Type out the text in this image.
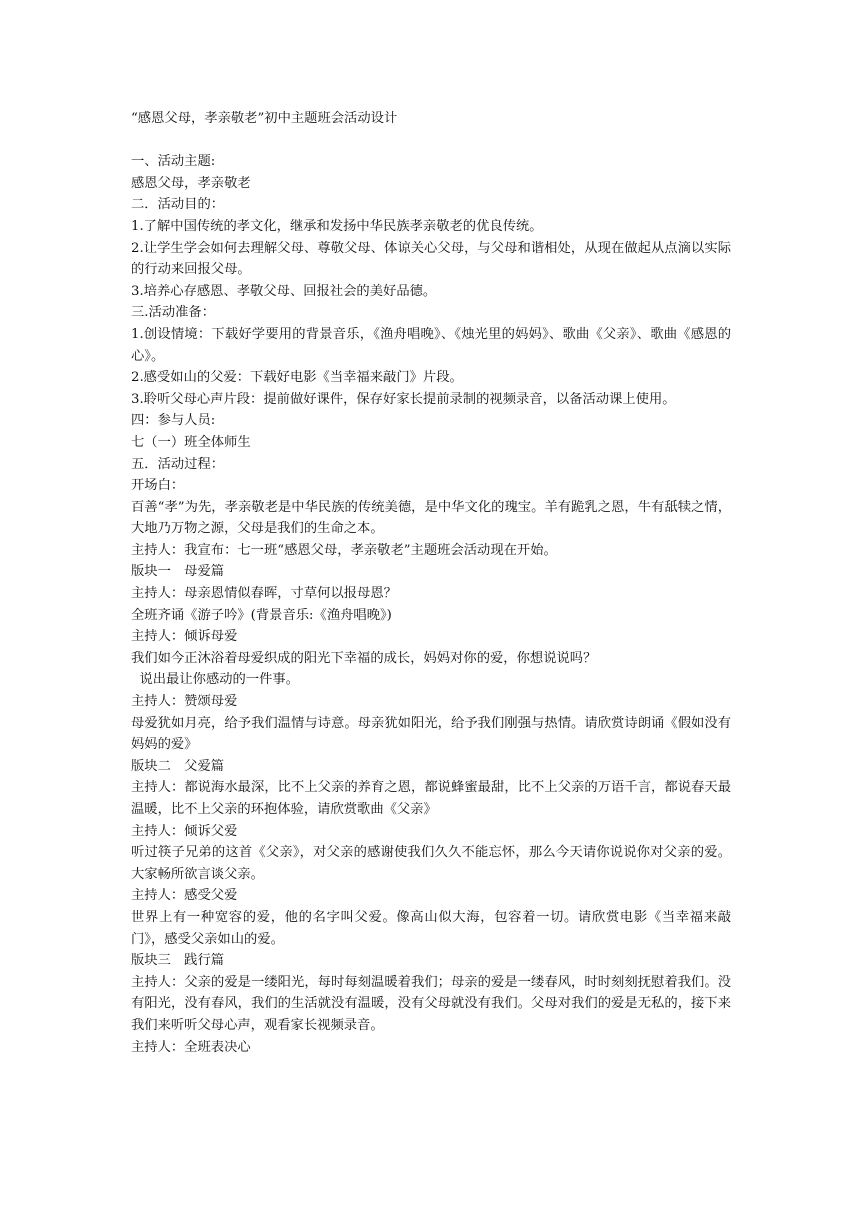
“感恩父母，孝亲敬老”初中主题班会活动设计

一、活动主题:

感恩父母，孝亲敬老

二．活动目的：

1.了解中国传统的孝文化，继承和发扬中华民族孝亲敬老的优良传统。

2.让学生学会如何去理解父母、尊敬父母、体谅关心父母，与父母和谐相处，从现在做起从点滴以实际的行动来回报父母。

3.培养心存感恩、孝敬父母、回报社会的美好品德。

三.活动准备：

1.创设情境：下载好学要用的背景音乐，《渔舟唱晚》、《烛光里的妈妈》、歌曲《父亲》、歌曲《感恩的心》。

2.感受如山的父爱：下载好电影《当幸福来敲门》片段。

3.聆听父母心声片段：提前做好课件，保存好家长提前录制的视频录音，以备活动课上使用。

四：参与人员:

七（一）班全体师生

五．活动过程：

开场白：

百善“孝”为先，孝亲敬老是中华民族的传统美德，是中华文化的瑰宝。羊有跪乳之恩，牛有舐犊之情，大地乃万物之源，父母是我们的生命之本。

主持人：我宣布：七一班“感恩父母，孝亲敬老”主题班会活动现在开始。

版块一　母爱篇

主持人：母亲恩情似春晖，寸草何以报母恩？

全班齐诵《游子吟》(背景音乐:《渔舟唱晚》)

主持人：倾诉母爱

我们如今正沐浴着母爱织成的阳光下幸福的成长，妈妈对你的爱，你想说说吗？

说出最让你感动的一件事。

主持人：赞颂母爱

母爱犹如月亮，给予我们温情与诗意。母亲犹如阳光，给予我们刚强与热情。请欣赏诗朗诵《假如没有妈妈的爱》

版块二　父爱篇

主持人：都说海水最深，比不上父亲的养育之恩，都说蜂蜜最甜，比不上父亲的万语千言，都说春天最温暖，比不上父亲的环抱体验，请欣赏歌曲《父亲》

主持人：倾诉父爱

听过筷子兄弟的这首《父亲》，对父亲的感谢使我们久久不能忘怀，那么今天请你说说你对父亲的爱。大家畅所欲言谈父亲。

主持人：感受父爱

世界上有一种宽容的爱，他的名字叫父爱。像高山似大海，包容着一切。请欣赏电影《当幸福来敲门》，感受父亲如山的爱。

版块三　践行篇

主持人：父亲的爱是一缕阳光，每时每刻温暖着我们；母亲的爱是一缕春风，时时刻刻抚慰着我们。没有阳光，没有春风，我们的生活就没有温暖，没有父母就没有我们。父母对我们的爱是无私的，接下来我们来听听父母心声，观看家长视频录音。

主持人：全班表决心
